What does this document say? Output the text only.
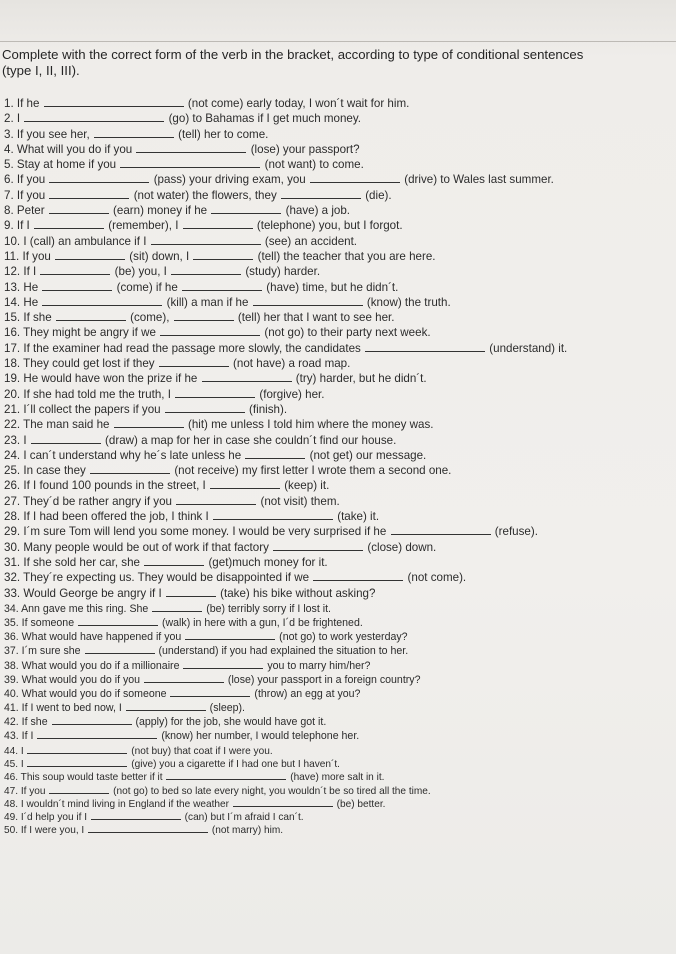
Complete with the correct form of the verb in the bracket, according to type of conditional sentences
(type I, II, III).
1. If he	(not come) early today, I won´t wait for him.
2. I	(go) to Bahamas if I get much money.
3. If you see her,	(tell) her to come.
4. What will you do if you	(lose) your passport?
5. Stay at home if you	(not want) to come.
6. If you	(pass) your driving exam, you	(drive) to Wales last summer.
7. If you	(not water) the flowers, they	(die).
8. Peter	(earn) money if he	(have) a job.
9. If I	(remember), I	(telephone) you, but I forgot.
10. I (call) an ambulance if I	(see) an accident.
11. If you	(sit) down, I	(tell) the teacher that you are here.
12. If I	(be) you, I	(study) harder.
13. He	(come) if he	(have) time, but he didn´t.
14. He	(kill) a man if he	(know) the truth.
15. If she	(come),	(tell) her that I want to see her.
16. They might be angry if we	(not go) to their party next week.
17. If the examiner had read the passage more slowly, the candidates	(understand) it.
18. They could get lost if they	(not have) a road map.
19. He would have won the prize if he	(try) harder, but he didn´t.
20. If she had told me the truth, I	(forgive) her.
21. I´ll collect the papers if you	(finish).
22. The man said he	(hit) me unless I told him where the money was.
23. I	(draw) a map for her in case she couldn´t find our house.
24. I can´t understand why he´s late unless he	(not get) our message.
25. In case they	(not receive) my first letter I wrote them a second one.
26. If I found 100 pounds in the street, I	(keep) it.
27. They´d be rather angry if you	(not visit) them.
28. If I had been offered the job, I think I	(take) it.
29. I´m sure Tom will lend you some money. I would be very surprised if he	(refuse).
30. Many people would be out of work if that factory	(close) down.
31. If she sold her car, she	(get)much money for it.
32. They´re expecting us. They would be disappointed if we	(not come).
33. Would George be angry if I	(take) his bike without asking?
34. Ann gave me this ring. She	(be) terribly sorry if I lost it.
35. If someone	(walk) in here with a gun, I´d be frightened.
36. What would have happened if you	(not go) to work yesterday?
37. I´m sure she	(understand) if you had explained the situation to her.
38. What would you do if a millionaire	you to marry him/her?
39. What would you do if you	(lose) your passport in a foreign country?
40. What would you do if someone	(throw) an egg at you?
41. If I went to bed now, I	(sleep).
42. If she	(apply) for the job, she would have got it.
43. If I	(know) her number, I would telephone her.
44. I	(not buy) that coat if I were you.
45. I	(give) you a cigarette if I had one but I haven´t.
46. This soup would taste better if it	(have) more salt in it.
47. If you	(not go) to bed so late every night, you wouldn´t be so tired all the time.
48. I wouldn´t mind living in England if the weather	(be) better.
49. I´d help you if I	(can) but I´m afraid I can´t.
50. If I were you, I	(not marry) him.
